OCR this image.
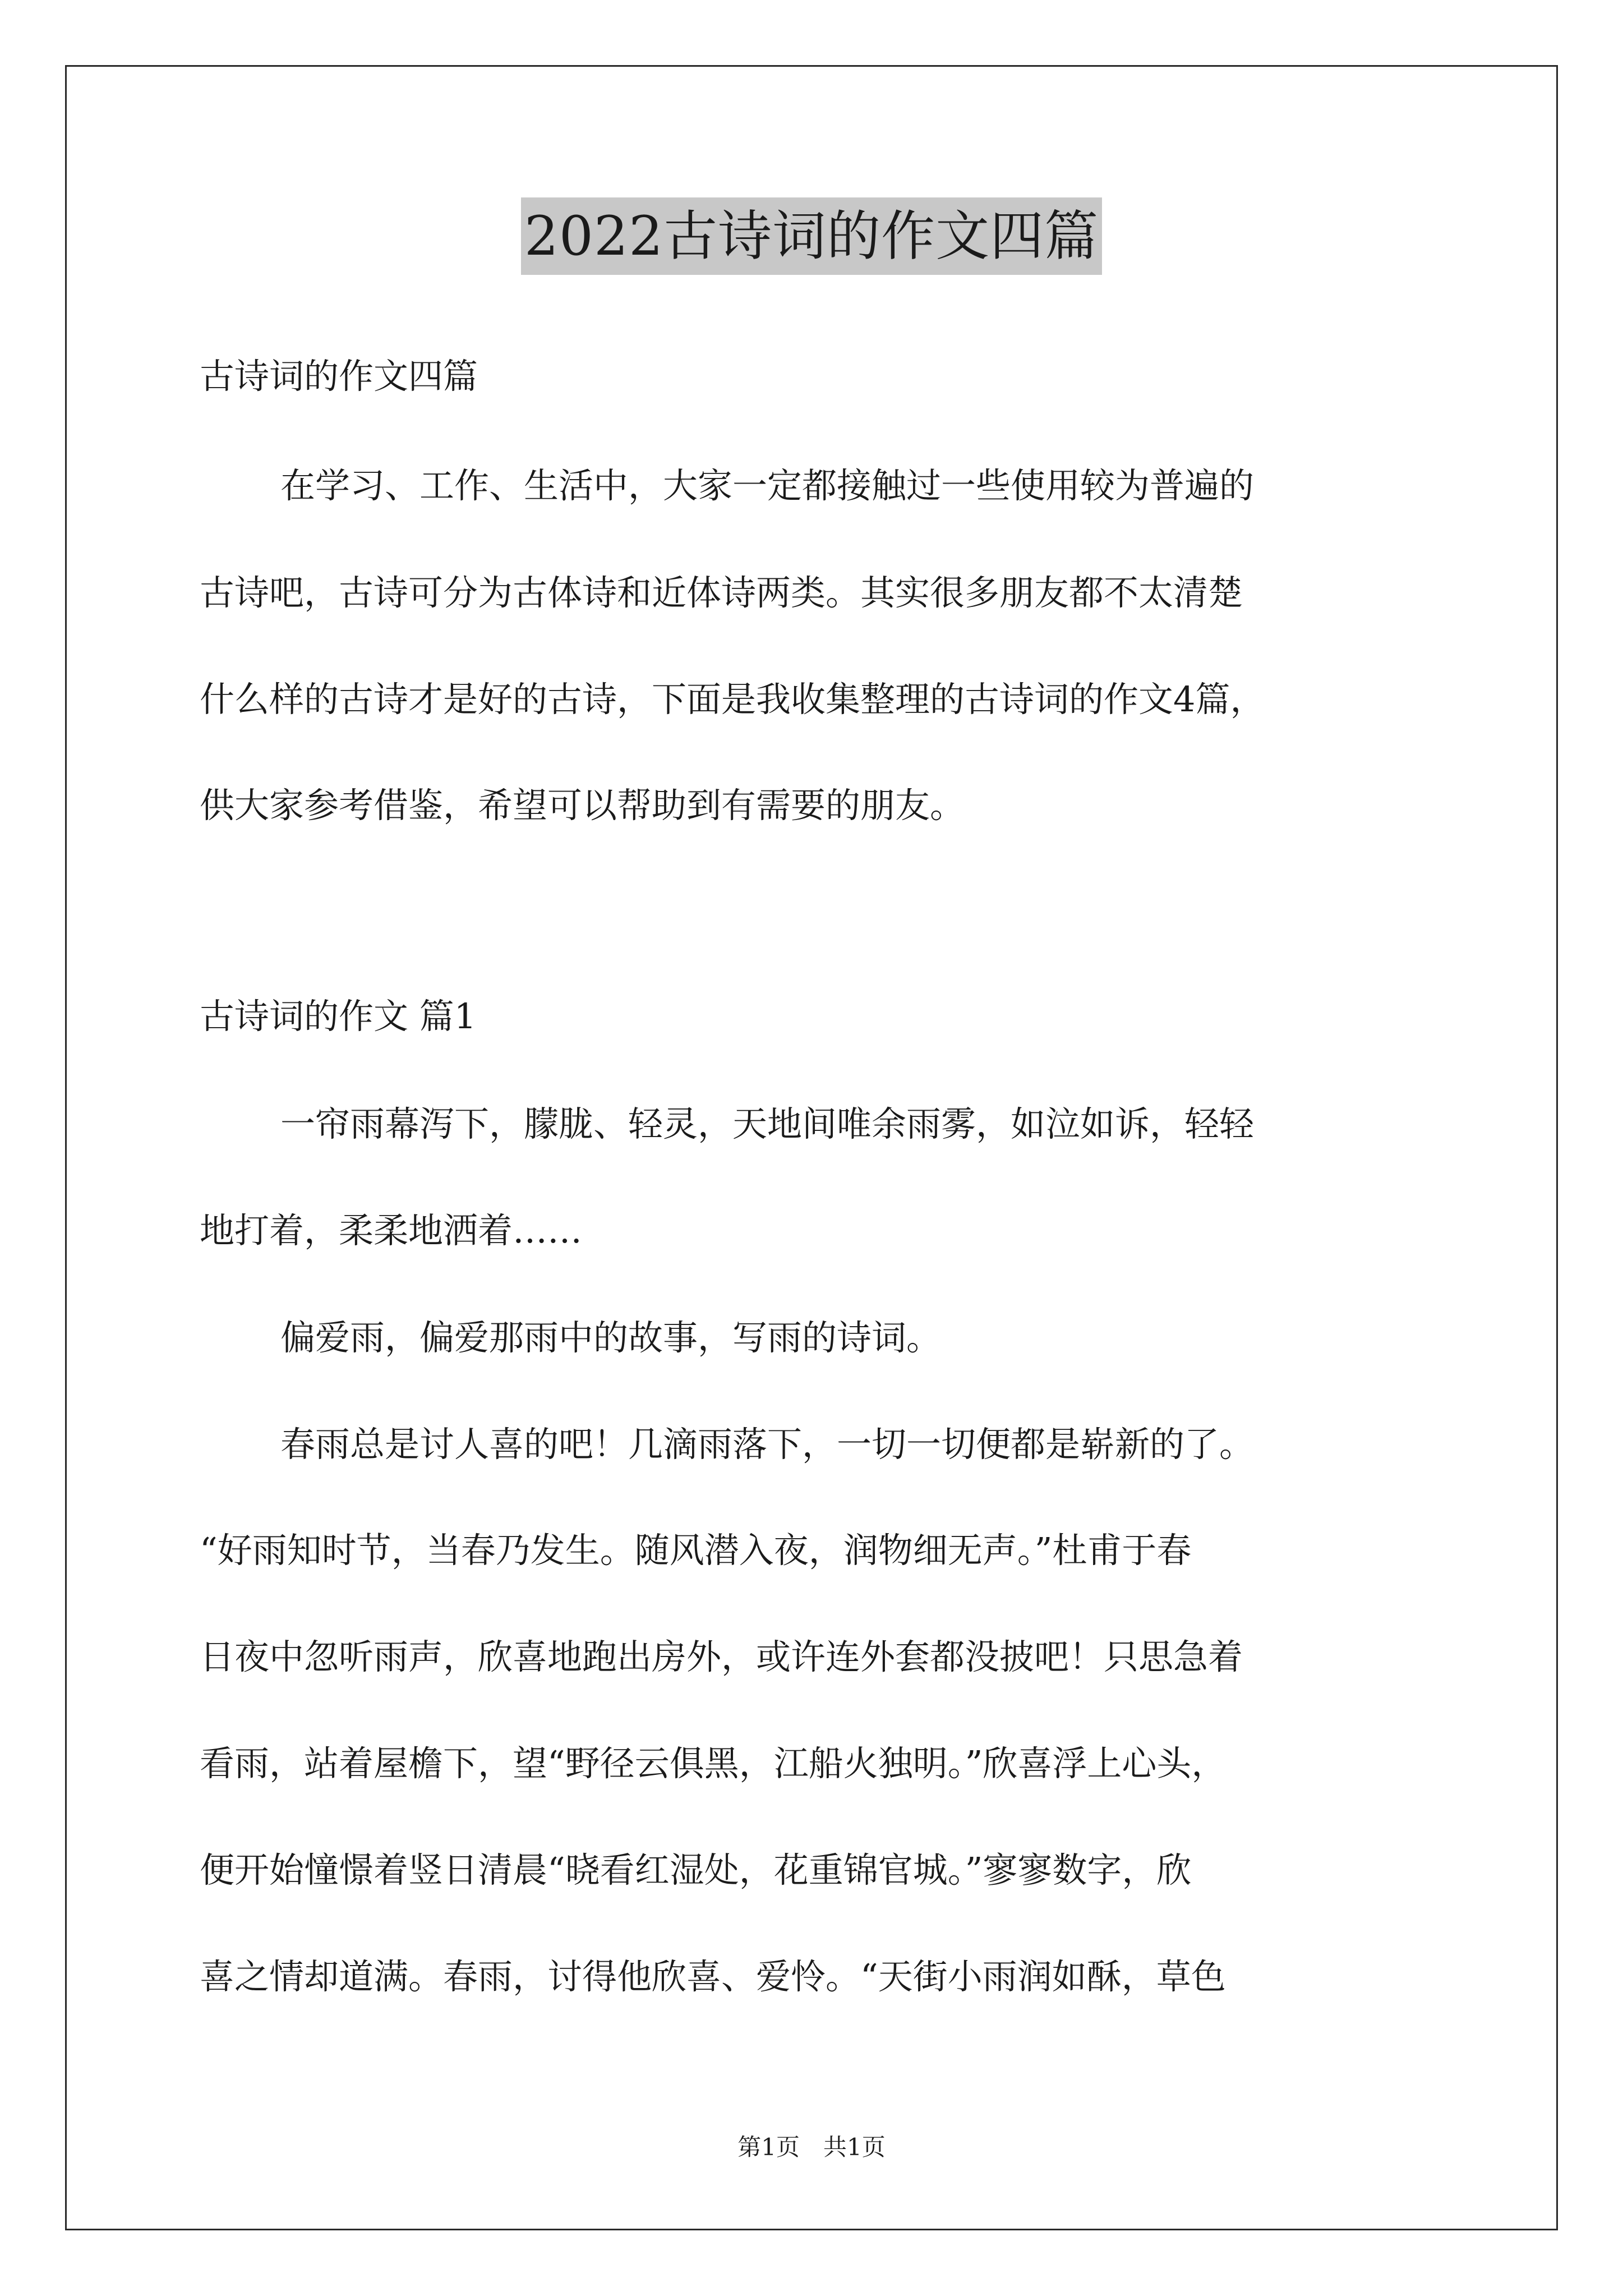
2022古诗词的作文四篇
古诗词的作文四篇
在学习、工作、生活中，大家一定都接触过一些使用较为普遍的
古诗吧，古诗可分为古体诗和近体诗两类。其实很多朋友都不太清楚
什么样的古诗才是好的古诗，下面是我收集整理的古诗词的作文4篇，
供大家参考借鉴，希望可以帮助到有需要的朋友。
古诗词的作文 篇1
一帘雨幕泻下，朦胧、轻灵，天地间唯余雨雾，如泣如诉，轻轻
地打着，柔柔地洒着……
偏爱雨，偏爱那雨中的故事，写雨的诗词。
春雨总是讨人喜的吧！几滴雨落下，一切一切便都是崭新的了。
“好雨知时节，当春乃发生。随风潜入夜，润物细无声。”杜甫于春
日夜中忽听雨声，欣喜地跑出房外，或许连外套都没披吧！只思急着
看雨，站着屋檐下，望“野径云俱黑，江船火独明。”欣喜浮上心头，
便开始憧憬着竖日清晨“晓看红湿处，花重锦官城。”寥寥数字，欣
喜之情却道满。春雨，讨得他欣喜、爱怜。“天街小雨润如酥，草色
第1页　共1页
